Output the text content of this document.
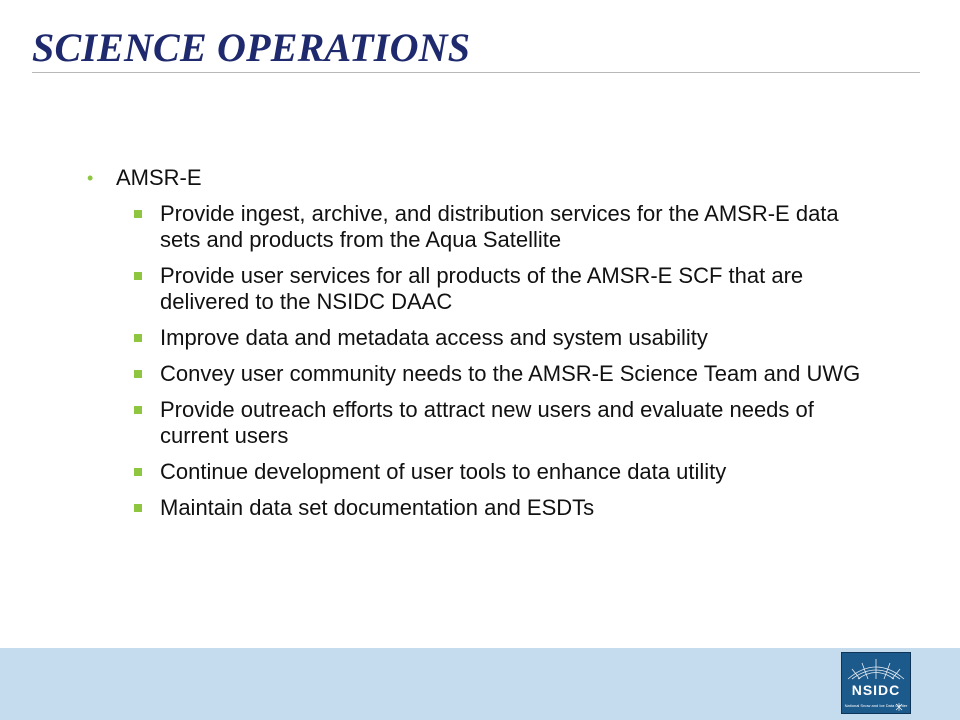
SCIENCE OPERATIONS
•	AMSR-E
Provide ingest, archive, and distribution services for the AMSR-E data sets and products from the Aqua Satellite
Provide user services for all products of the AMSR-E SCF that are delivered to the NSIDC DAAC
Improve data and metadata access and system usability
Convey user community needs to the AMSR-E Science Team and UWG
Provide outreach efforts to attract new users and evaluate needs of current users
Continue development of user tools to enhance data utility
Maintain data set documentation and ESDTs
NSIDC
National Snow and Ice Data Center
